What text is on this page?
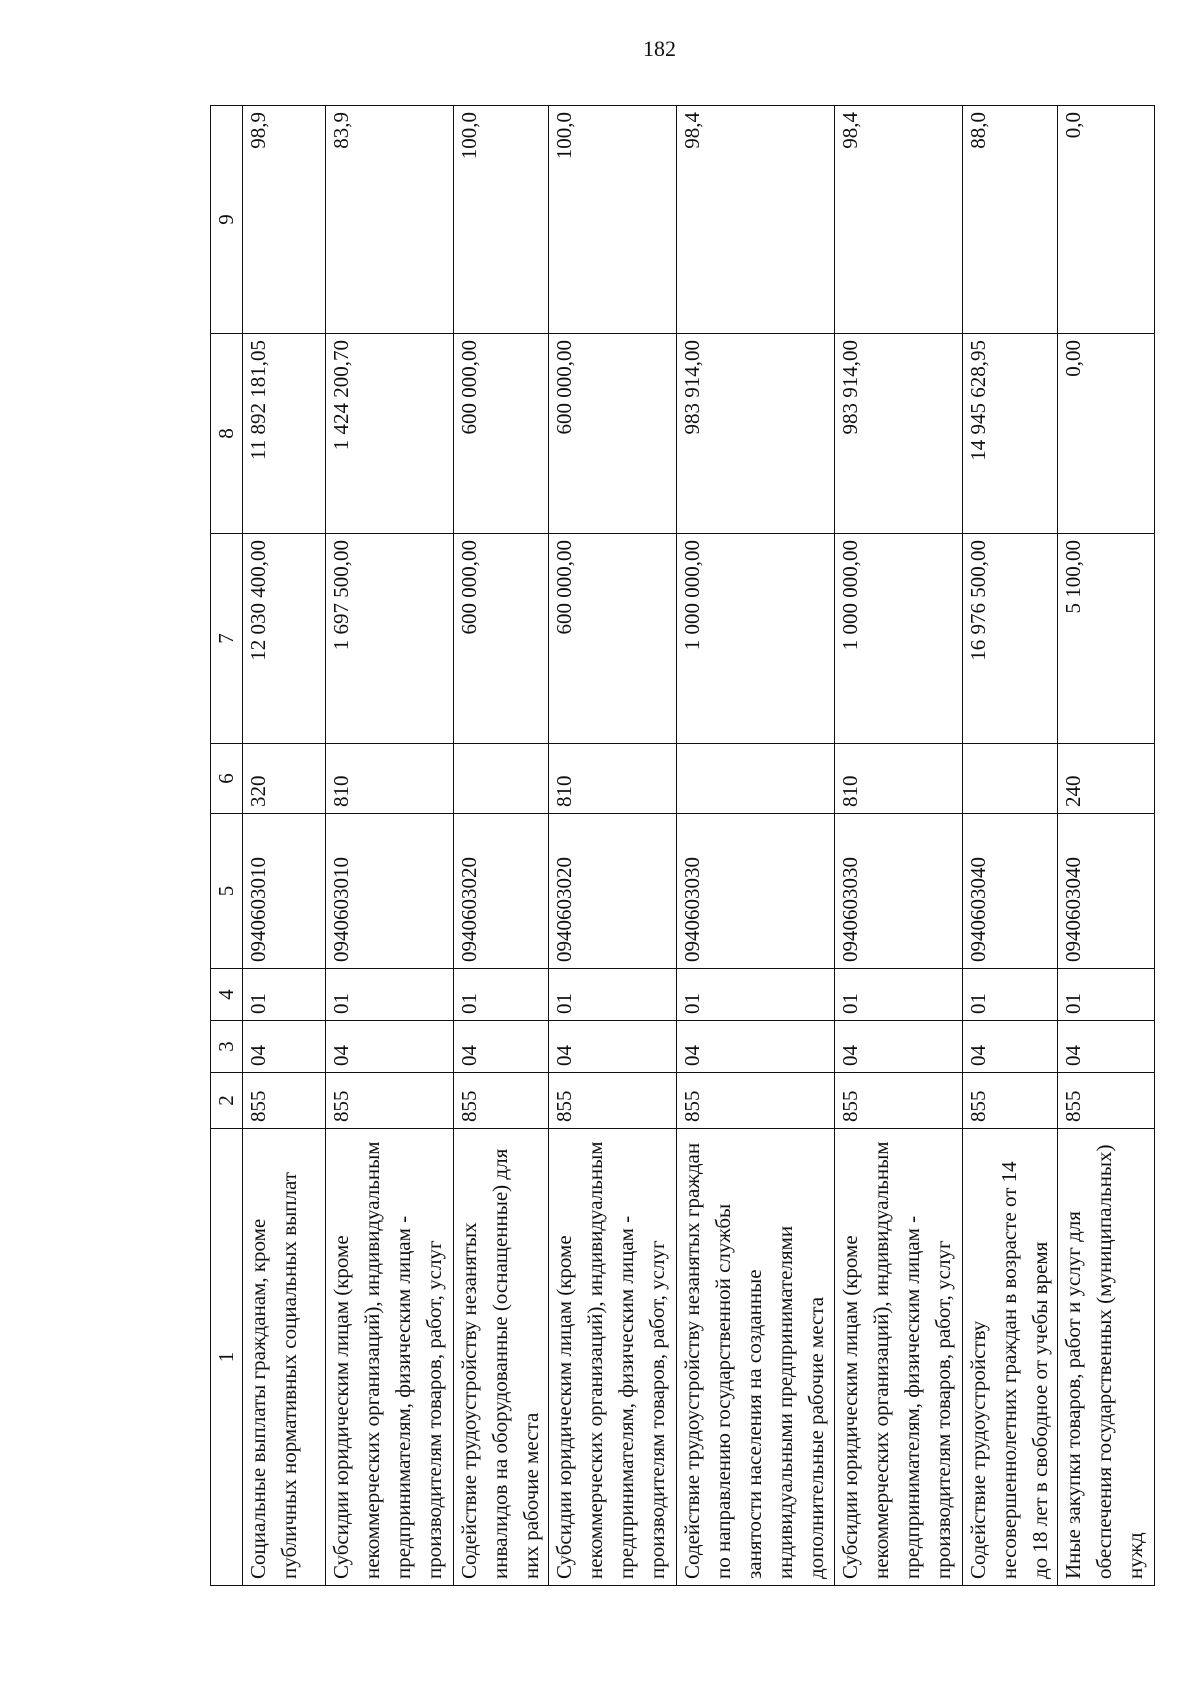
182
1	2	3	4	5	6	7	8	9
Социальные выплаты гражданам, кроме публичных нормативных социальных выплат	855	04	01	0940603010	320	12 030 400,00	11 892 181,05	98,9
Субсидии юридическим лицам (кроме некоммерческих организаций), индивидуальным предпринимателям, физическим лицам - производителям товаров, работ, услуг	855	04	01	0940603010	810	1 697 500,00	1 424 200,70	83,9
Содействие трудоустройству незанятых инвалидов на оборудованные (оснащенные) для них рабочие места	855	04	01	0940603020		600 000,00	600 000,00	100,0
Субсидии юридическим лицам (кроме некоммерческих организаций), индивидуальным предпринимателям, физическим лицам - производителям товаров, работ, услуг	855	04	01	0940603020	810	600 000,00	600 000,00	100,0
Содействие трудоустройству незанятых граждан по направлению государственной службы занятости населения на созданные индивидуальными предпринимателями дополнительные рабочие места	855	04	01	0940603030		1 000 000,00	983 914,00	98,4
Субсидии юридическим лицам (кроме некоммерческих организаций), индивидуальным предпринимателям, физическим лицам - производителям товаров, работ, услуг	855	04	01	0940603030	810	1 000 000,00	983 914,00	98,4
Содействие трудоустройству несовершеннолетних граждан в возрасте от 14 до 18 лет в свободное от учебы время	855	04	01	0940603040		16 976 500,00	14 945 628,95	88,0
Иные закупки товаров, работ и услуг для обеспечения государственных (муниципальных) нужд	855	04	01	0940603040	240	5 100,00	0,00	0,0
